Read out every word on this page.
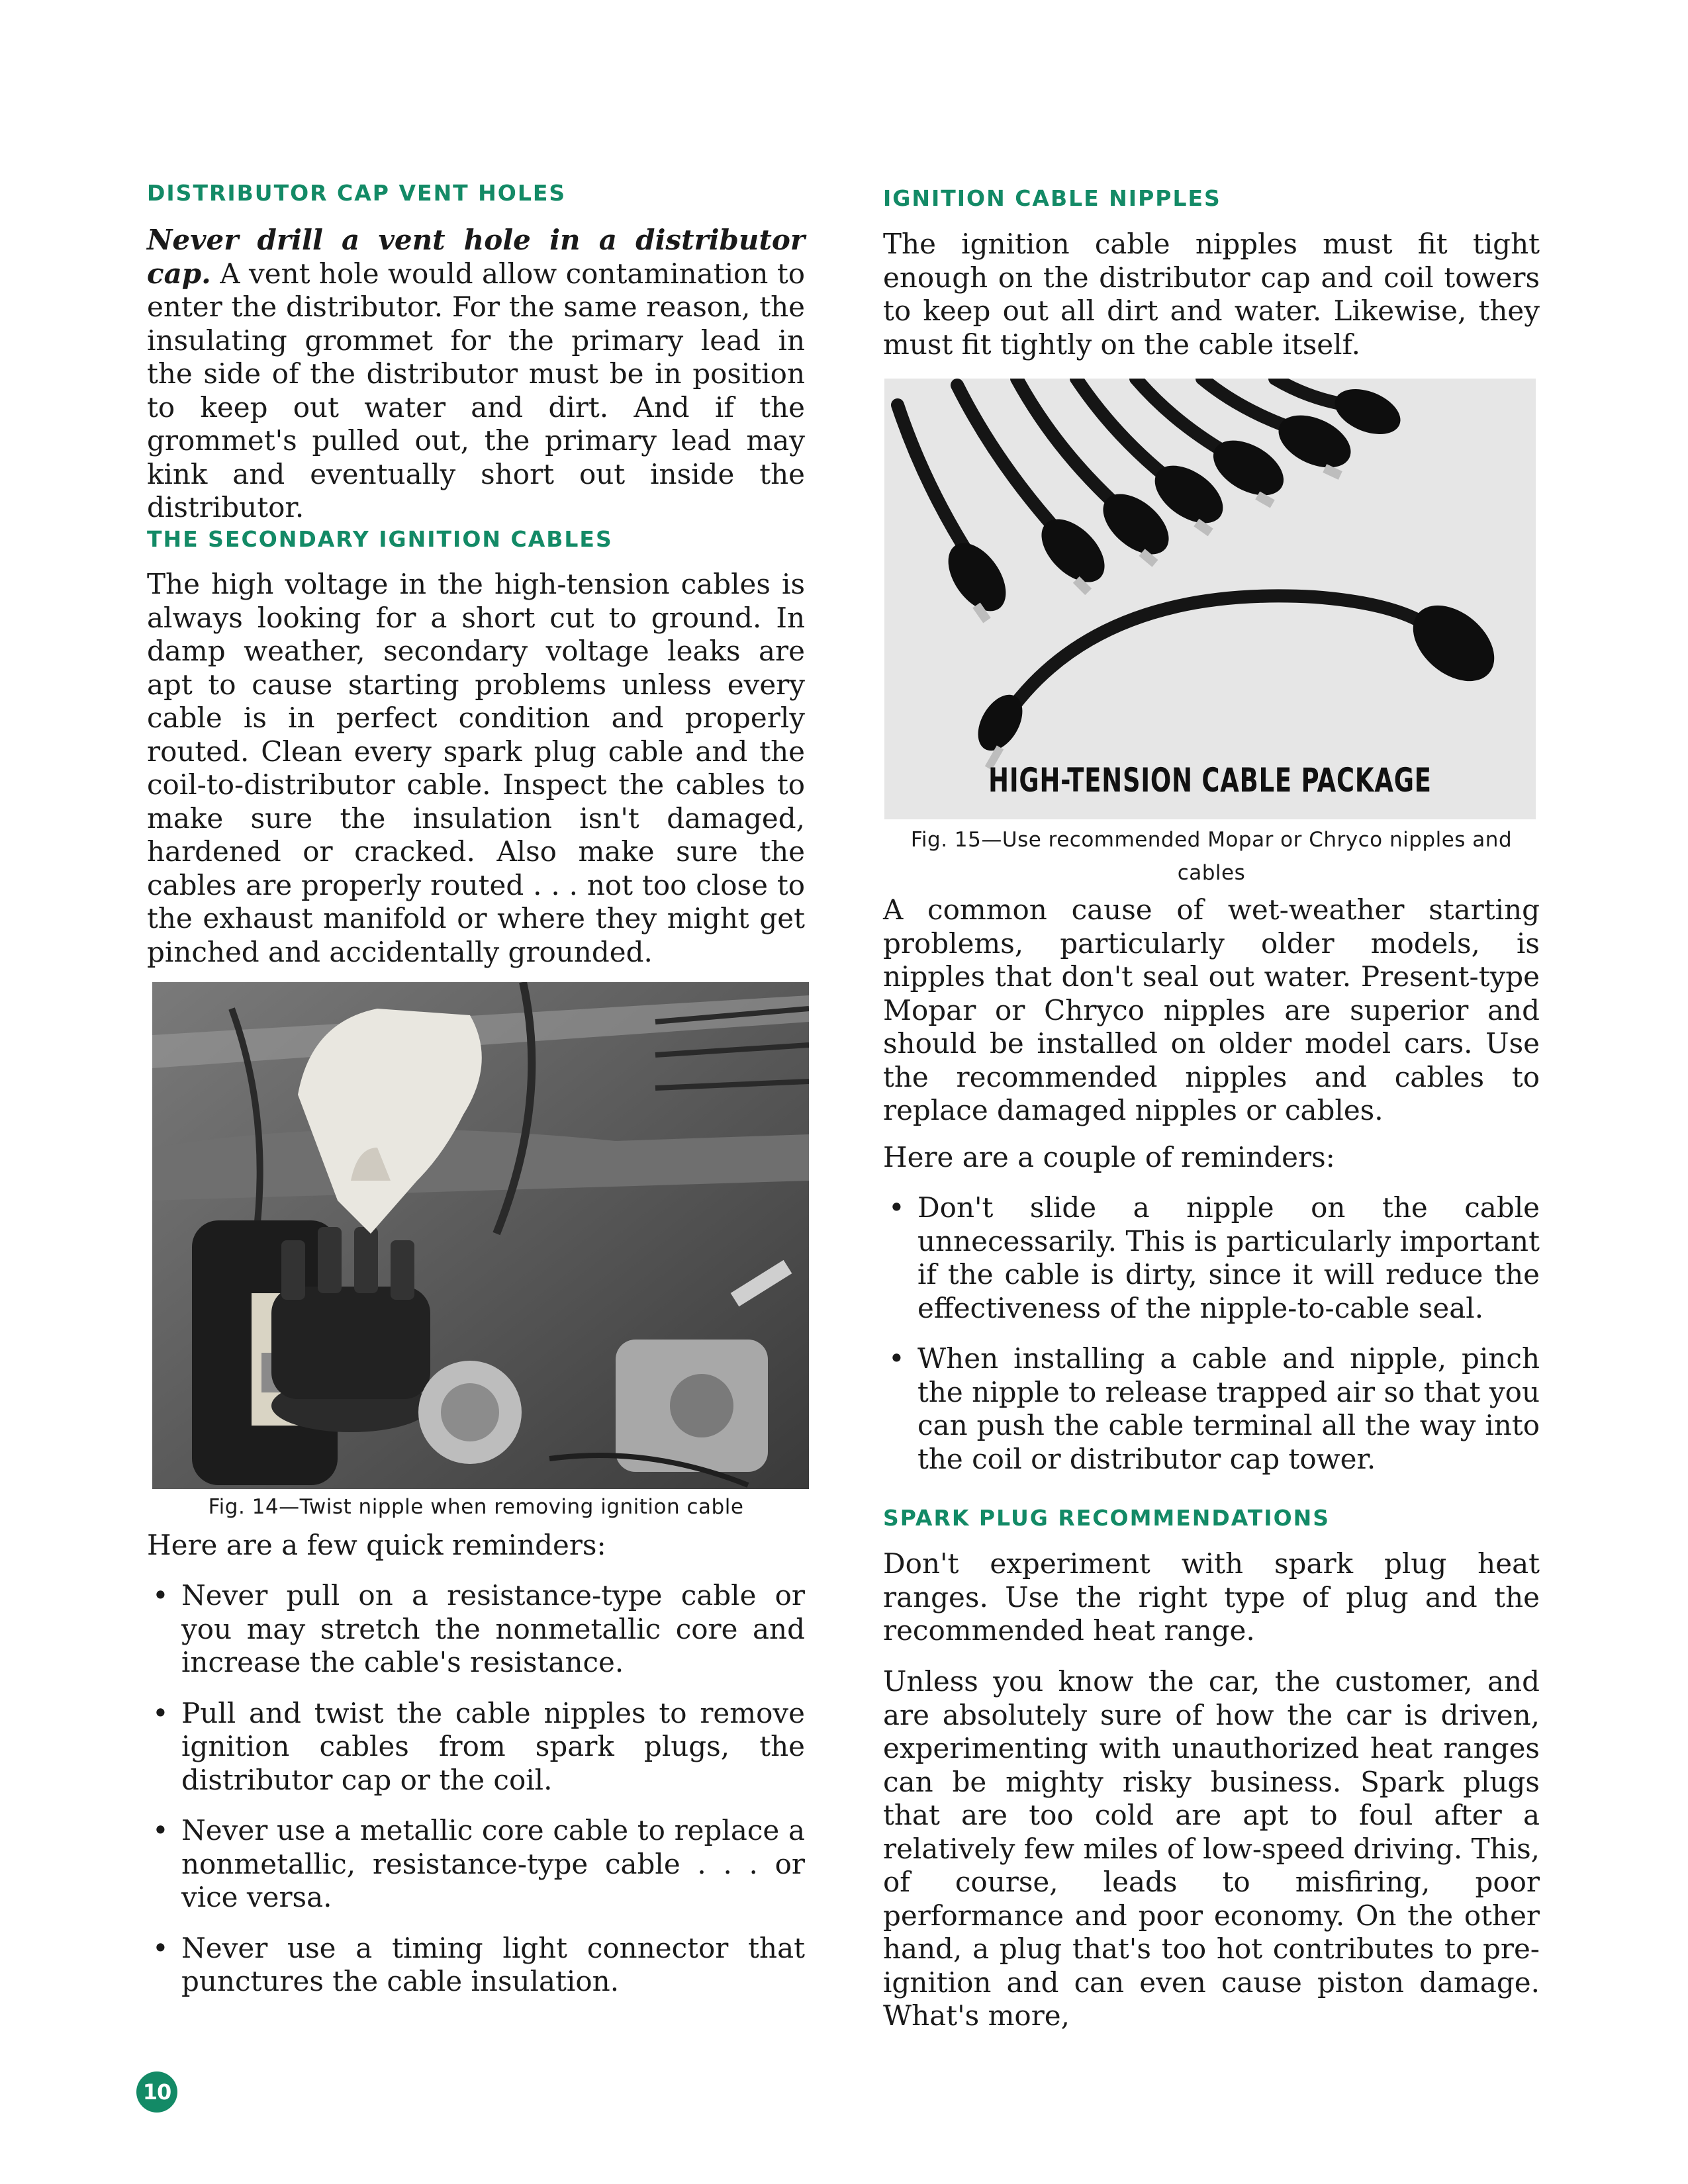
DISTRIBUTOR CAP VENT HOLES

Never drill a vent hole in a distributor cap. A vent hole would allow contamination to enter the distributor. For the same reason, the insulating grommet for the primary lead in the side of the distributor must be in position to keep out water and dirt. And if the grommet's pulled out, the primary lead may kink and eventually short out inside the distributor.

THE SECONDARY IGNITION CABLES

The high voltage in the high-tension cables is always looking for a short cut to ground. In damp weather, secondary voltage leaks are apt to cause starting problems unless every cable is in perfect condition and properly routed. Clean every spark plug cable and the coil-to-distributor cable. Inspect the cables to make sure the insulation isn't damaged, hardened or cracked. Also make sure the cables are properly routed . . . not too close to the exhaust manifold or where they might get pinched and accidentally grounded.

Fig. 14—Twist nipple when removing ignition cable

Here are a few quick reminders:

• Never pull on a resistance-type cable or you may stretch the nonmetallic core and increase the cable's resistance.
• Pull and twist the cable nipples to remove ignition cables from spark plugs, the distributor cap or the coil.
• Never use a metallic core cable to replace a nonmetallic, resistance-type cable . . . or vice versa.
• Never use a timing light connector that punctures the cable insulation.
IGNITION CABLE NIPPLES

The ignition cable nipples must fit tight enough on the distributor cap and coil towers to keep out all dirt and water. Likewise, they must fit tightly on the cable itself.

HIGH-TENSION CABLE PACKAGE
Fig. 15—Use recommended Mopar or Chryco nipples and cables

A common cause of wet-weather starting problems, particularly older models, is nipples that don't seal out water. Present-type Mopar or Chryco nipples are superior and should be installed on older model cars. Use the recommended nipples and cables to replace damaged nipples or cables.

Here are a couple of reminders:

• Don't slide a nipple on the cable unnecessarily. This is particularly important if the cable is dirty, since it will reduce the effectiveness of the nipple-to-cable seal.
• When installing a cable and nipple, pinch the nipple to release trapped air so that you can push the cable terminal all the way into the coil or distributor cap tower.
SPARK PLUG RECOMMENDATIONS

Don't experiment with spark plug heat ranges. Use the right type of plug and the recommended heat range.

Unless you know the car, the customer, and are absolutely sure of how the car is driven, experimenting with unauthorized heat ranges can be mighty risky business. Spark plugs that are too cold are apt to foul after a relatively few miles of low-speed driving. This, of course, leads to misfiring, poor performance and poor economy. On the other hand, a plug that's too hot contributes to pre-ignition and can even cause piston damage. What's more,

10
